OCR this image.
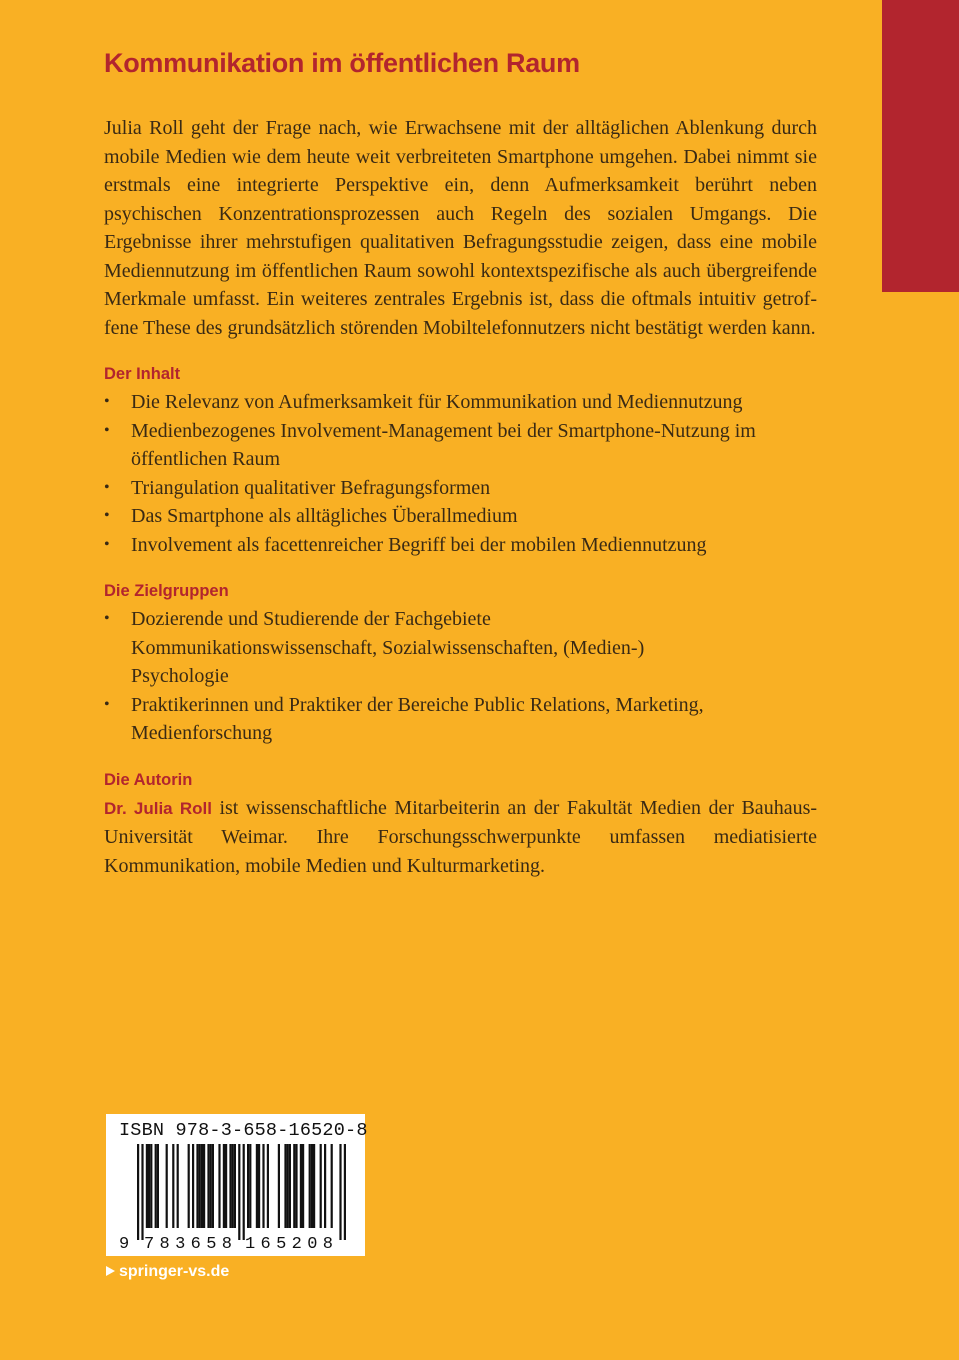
Kommunikation im öffentlichen Raum

Julia Roll geht der Frage nach, wie Erwachsene mit der alltäglichen Ablenkung durch mobile Medien wie dem heute weit verbreiteten Smartphone umgehen. Dabei nimmt sie erstmals eine integrierte Perspektive ein, denn Aufmerksamkeit berührt neben psychischen Konzentrationsprozessen auch Regeln des sozialen Umgangs. Die Ergebnisse ihrer mehrstufigen qualitativen Befragungsstudie zeigen, dass eine mobile Mediennutzung im öffentlichen Raum sowohl kontextspezifische als auch übergreifende Merkmale umfasst. Ein weiteres zentrales Ergebnis ist, dass die oftmals intuitiv getroffene These des grundsätzlich störenden Mobiltelefonnutzers nicht bestätigt werden kann.

Der Inhalt
• Die Relevanz von Aufmerksamkeit für Kommunikation und Mediennutzung
• Medienbezogenes Involvement-Management bei der Smartphone-Nutzung im öffentlichen Raum
• Triangulation qualitativer Befragungsformen
• Das Smartphone als alltägliches Überallmedium
• Involvement als facettenreicher Begriff bei der mobilen Mediennutzung
Die Zielgruppen
• Dozierende und Studierende der Fachgebiete Kommunikationswissenschaft, Sozialwissenschaften, (Medien-) Psychologie
• Praktikerinnen und Praktiker der Bereiche Public Relations, Marketing, Medienforschung
Die Autorin

Dr. Julia Roll ist wissenschaftliche Mitarbeiterin an der Fakultät Medien der Bauhaus-Universität Weimar. Ihre Forschungsschwerpunkte umfassen mediatisierte Kommunikation, mobile Medien und Kulturmarketing.

ISBN 978-3-658-16520-8
9 783658 165208
springer-vs.de
